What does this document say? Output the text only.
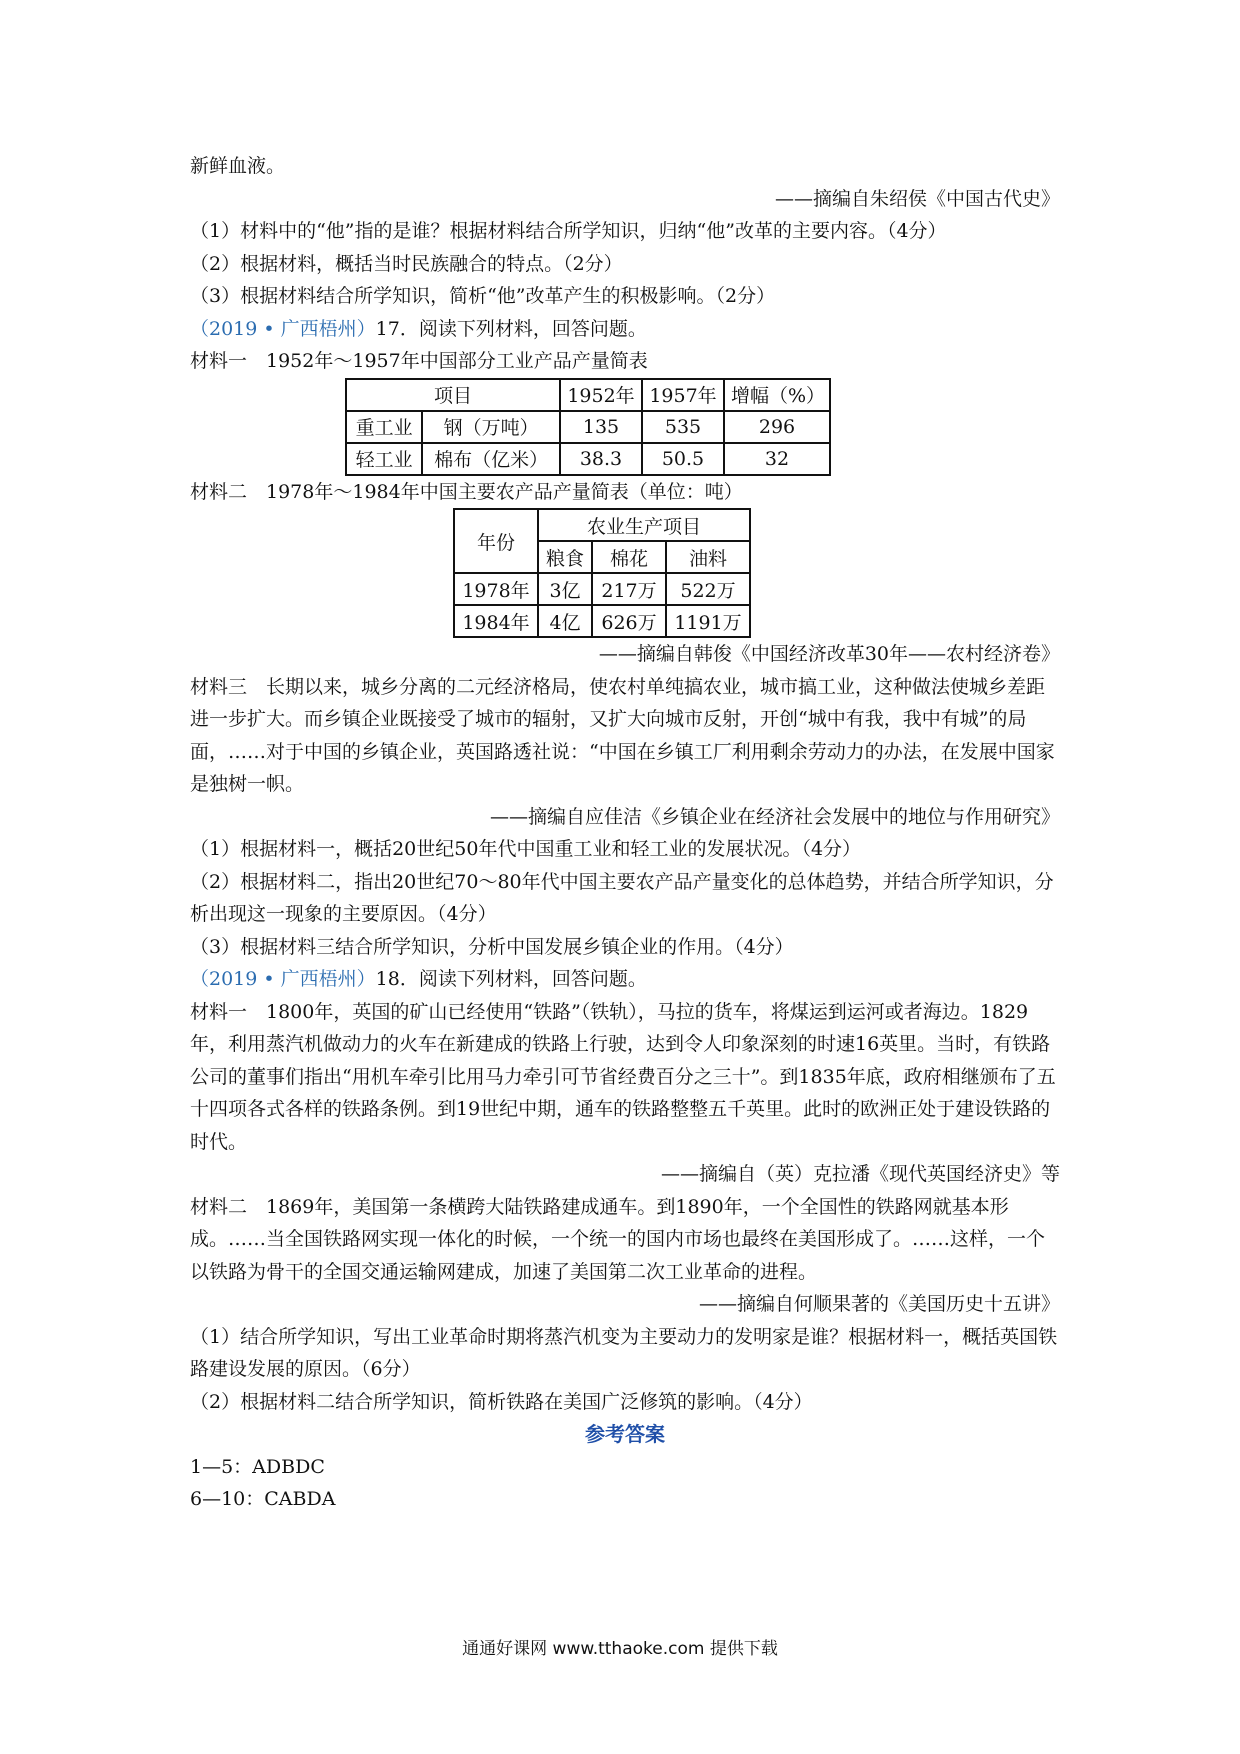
新鲜血液。
——摘编自朱绍侯《中国古代史》
（1）材料中的“他”指的是谁？根据材料结合所学知识，归纳“他”改革的主要内容。（4分）
（2）根据材料，概括当时民族融合的特点。（2分）
（3）根据材料结合所学知识，简析“他”改革产生的积极影响。（2分）
（2019 • 广西梧州）17．阅读下列材料，回答问题。
材料一　1952年～1957年中国部分工业产品产量简表
项目		1952年	1957年	增幅（%）
重工业	钢（万吨）	135	535	296
轻工业	棉布（亿米）	38.3	50.5	32
材料二　1978年～1984年中国主要农产品产量简表（单位：吨）
年份	农业生产项目		
	粮食	棉花	油料
1978年	3亿	217万	522万
1984年	4亿	626万	1191万
——摘编自韩俊《中国经济改革30年——农村经济卷》
材料三　长期以来，城乡分离的二元经济格局，使农村单纯搞农业，城市搞工业，这种做法使城乡差距进一步扩大。而乡镇企业既接受了城市的辐射，又扩大向城市反射，开创“城中有我，我中有城”的局面，……对于中国的乡镇企业，英国路透社说：“中国在乡镇工厂利用剩余劳动力的办法，在发展中国家是独树一帜。
——摘编自应佳洁《乡镇企业在经济社会发展中的地位与作用研究》
（1）根据材料一，概括20世纪50年代中国重工业和轻工业的发展状况。（4分）
（2）根据材料二，指出20世纪70～80年代中国主要农产品产量变化的总体趋势，并结合所学知识，分析出现这一现象的主要原因。（4分）
（3）根据材料三结合所学知识，分析中国发展乡镇企业的作用。（4分）
（2019 • 广西梧州）18．阅读下列材料，回答问题。
材料一　1800年，英国的矿山已经使用“铁路”（铁轨），马拉的货车，将煤运到运河或者海边。1829年，利用蒸汽机做动力的火车在新建成的铁路上行驶，达到令人印象深刻的时速16英里。当时，有铁路公司的董事们指出“用机车牵引比用马力牵引可节省经费百分之三十”。到1835年底，政府相继颁布了五十四项各式各样的铁路条例。到19世纪中期，通车的铁路整整五千英里。此时的欧洲正处于建设铁路的时代。
——摘编自（英）克拉潘《现代英国经济史》等
材料二　1869年，美国第一条横跨大陆铁路建成通车。到1890年，一个全国性的铁路网就基本形成。……当全国铁路网实现一体化的时候，一个统一的国内市场也最终在美国形成了。……这样，一个以铁路为骨干的全国交通运输网建成，加速了美国第二次工业革命的进程。
——摘编自何顺果著的《美国历史十五讲》
（1）结合所学知识，写出工业革命时期将蒸汽机变为主要动力的发明家是谁？根据材料一，概括英国铁路建设发展的原因。（6分）
（2）根据材料二结合所学知识，简析铁路在美国广泛修筑的影响。（4分）
参考答案
1—5：ADBDC
6—10：CABDA
通通好课网 www.tthaoke.com 提供下载
